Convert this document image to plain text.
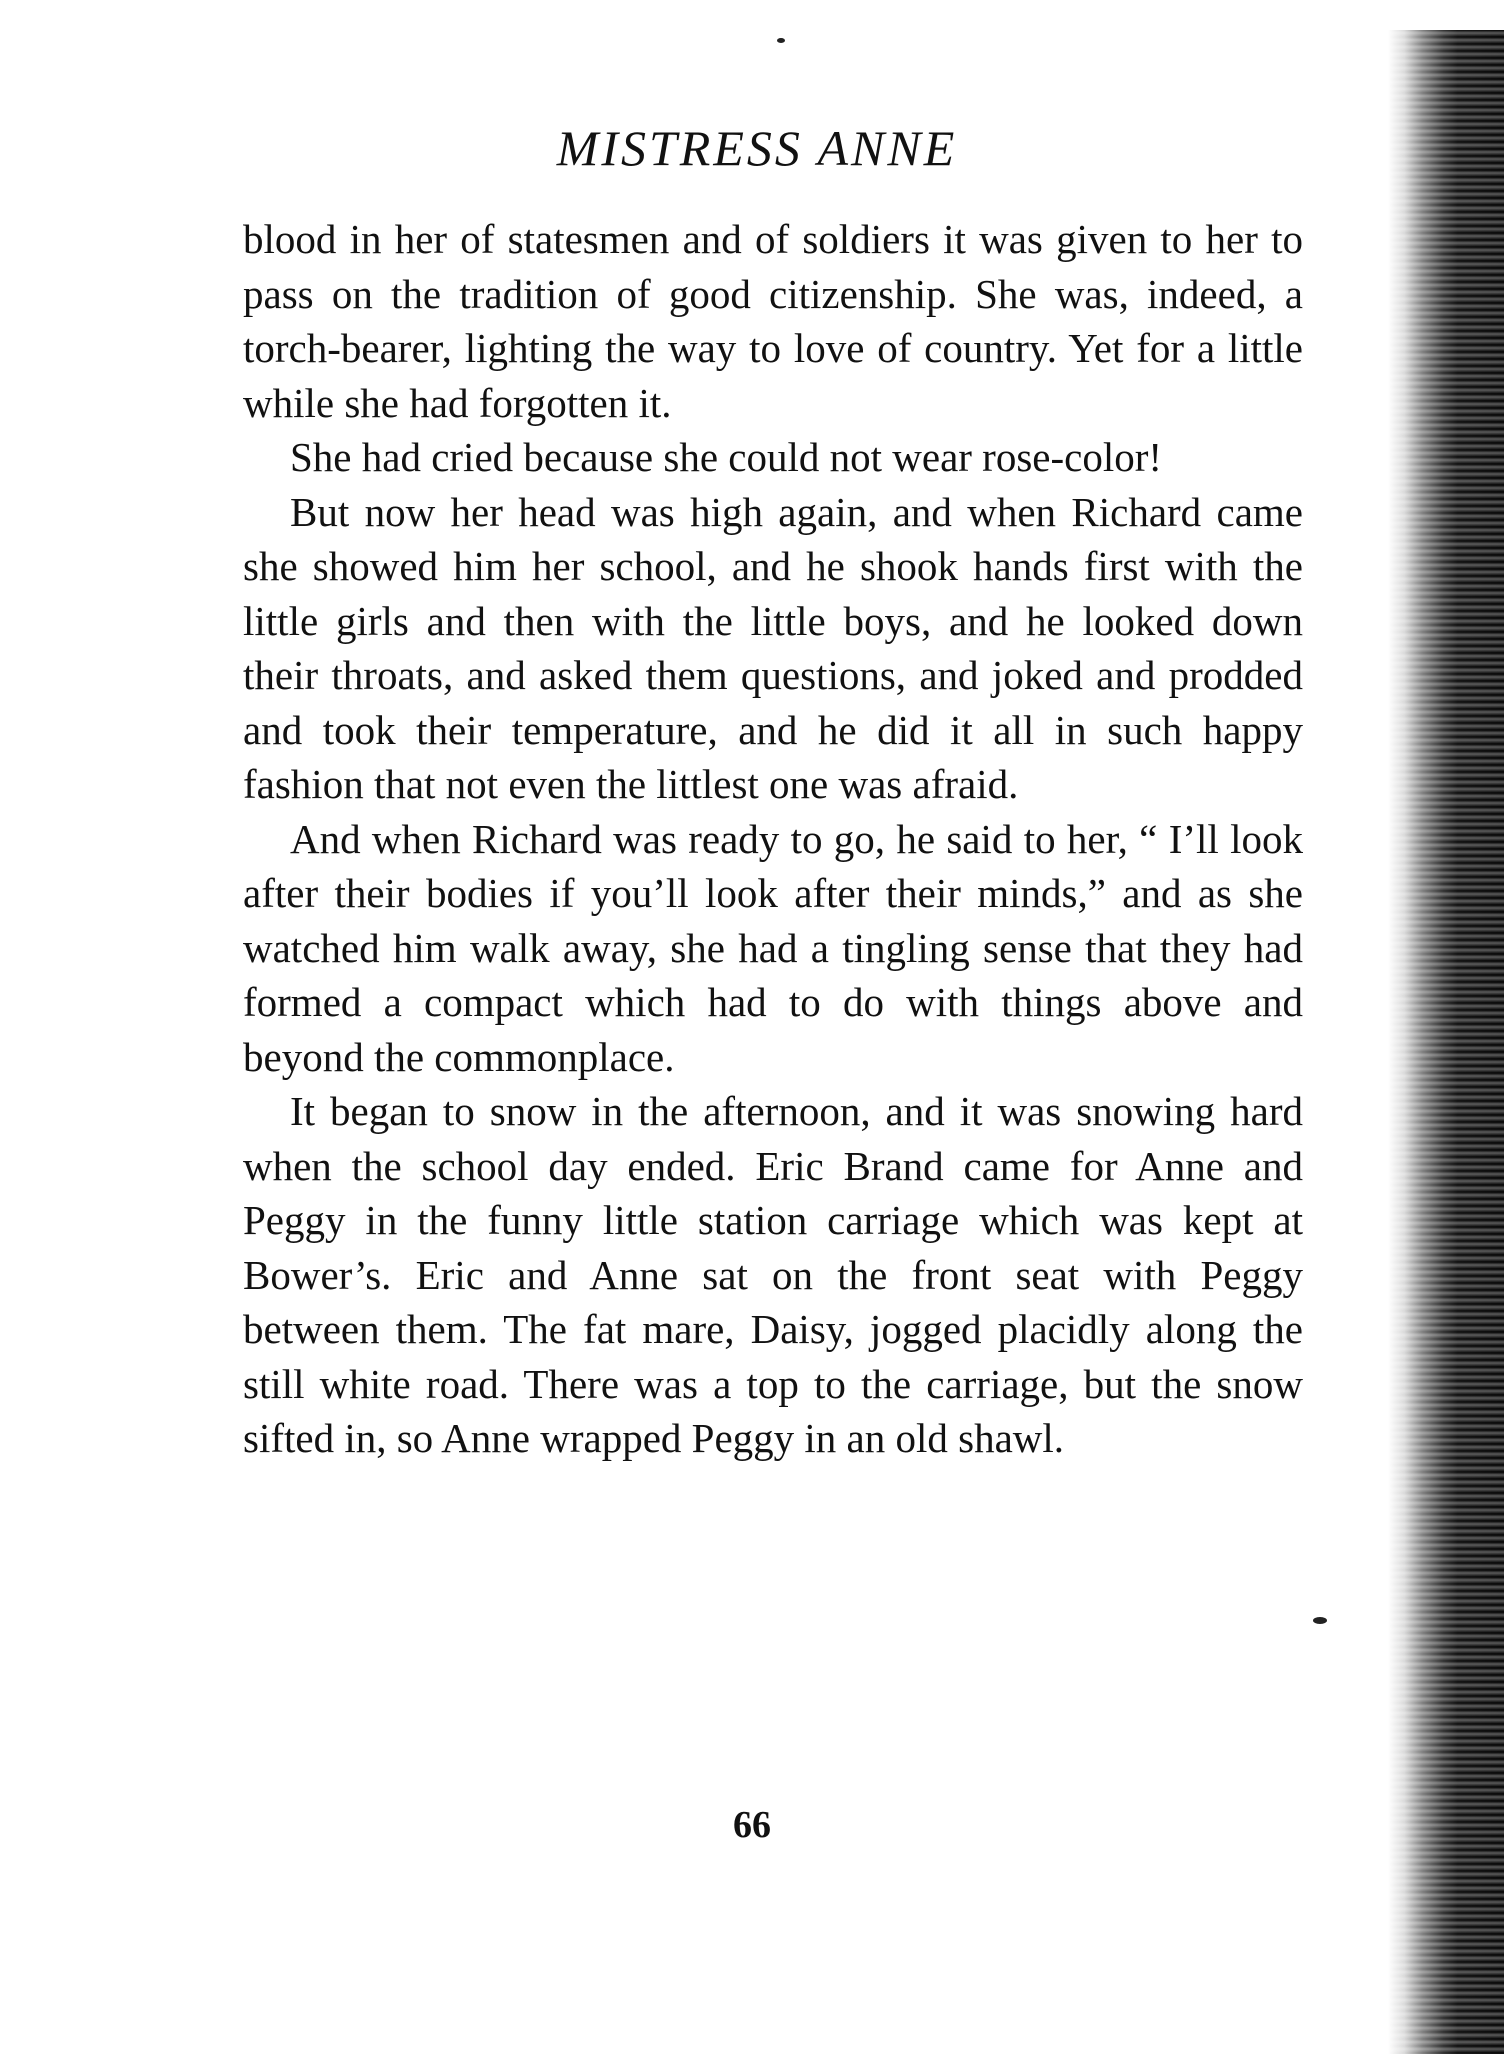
MISTRESS ANNE

blood in her of statesmen and of soldiers it was given to her to pass on the tradition of good citizenship. She was, indeed, a torch-bearer, lighting the way to love of country. Yet for a little while she had forgotten it.

She had cried because she could not wear rose-color!

But now her head was high again, and when Richard came she showed him her school, and he shook hands first with the little girls and then with the little boys, and he looked down their throats, and asked them questions, and joked and prodded and took their temperature, and he did it all in such happy fashion that not even the littlest one was afraid.

And when Richard was ready to go, he said to her, “ I’ll look after their bodies if you’ll look after their minds,” and as she watched him walk away, she had a tingling sense that they had formed a compact which had to do with things above and beyond the commonplace.

It began to snow in the afternoon, and it was snowing hard when the school day ended. Eric Brand came for Anne and Peggy in the funny little station carriage which was kept at Bower’s. Eric and Anne sat on the front seat with Peggy between them. The fat mare, Daisy, jogged placidly along the still white road. There was a top to the carriage, but the snow sifted in, so Anne wrapped Peggy in an old shawl.

66
